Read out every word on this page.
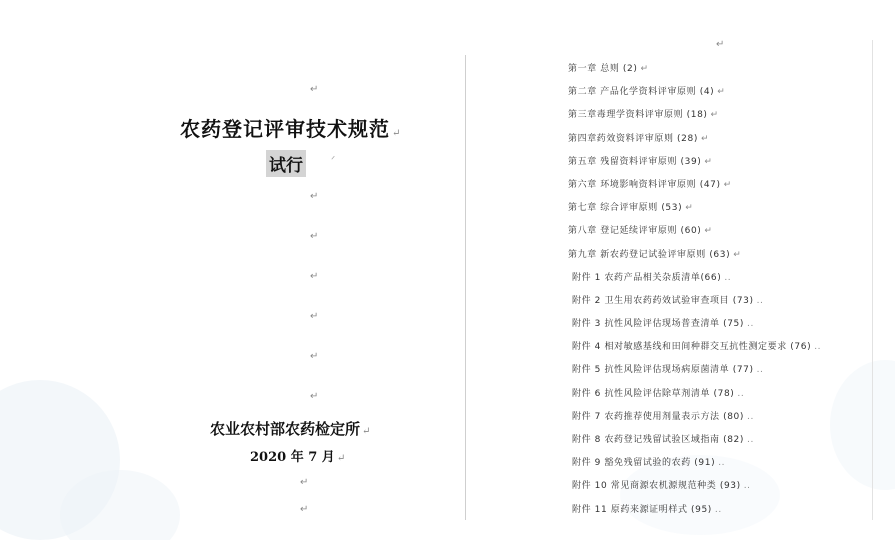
↵
农药登记评审技术规范 ↵
试行	ᐟ
↵
↵
↵
↵
↵
↵
农业农村部农药检定所 ↵
2020 年 7 月 ↵
↵
↵
↵
第一章 总则 (2) ↵
第二章 产品化学资料评审原则 (4) ↵
第三章毒理学资料评审原则 (18) ↵
第四章药效资料评审原则 (28) ↵
第五章 残留资料评审原则 (39) ↵
第六章 环境影响资料评审原则 (47) ↵
第七章 综合评审原则 (53) ↵
第八章 登记延续评审原则 (60) ↵
第九章 新农药登记试验评审原则 (63) ↵
附件 1 农药产品相关杂质清单(66) ..
附件 2 卫生用农药药效试验审查项目 (73) ..
附件 3 抗性风险评估现场普查清单 (75) ..
附件 4 相对敏感基线和田间种群交互抗性测定要求 (76) ..
附件 5 抗性风险评估现场病原菌清单 (77) ..
附件 6 抗性风险评估除草剂清单 (78) ..
附件 7 农药推荐使用剂量表示方法 (80) ..
附件 8 农药登记残留试验区域指南 (82) ..
附件 9 豁免残留试验的农药 (91) ..
附件 10 常见商源农机源规范种类 (93) ..
附件 11 原药来源证明样式 (95) ..
